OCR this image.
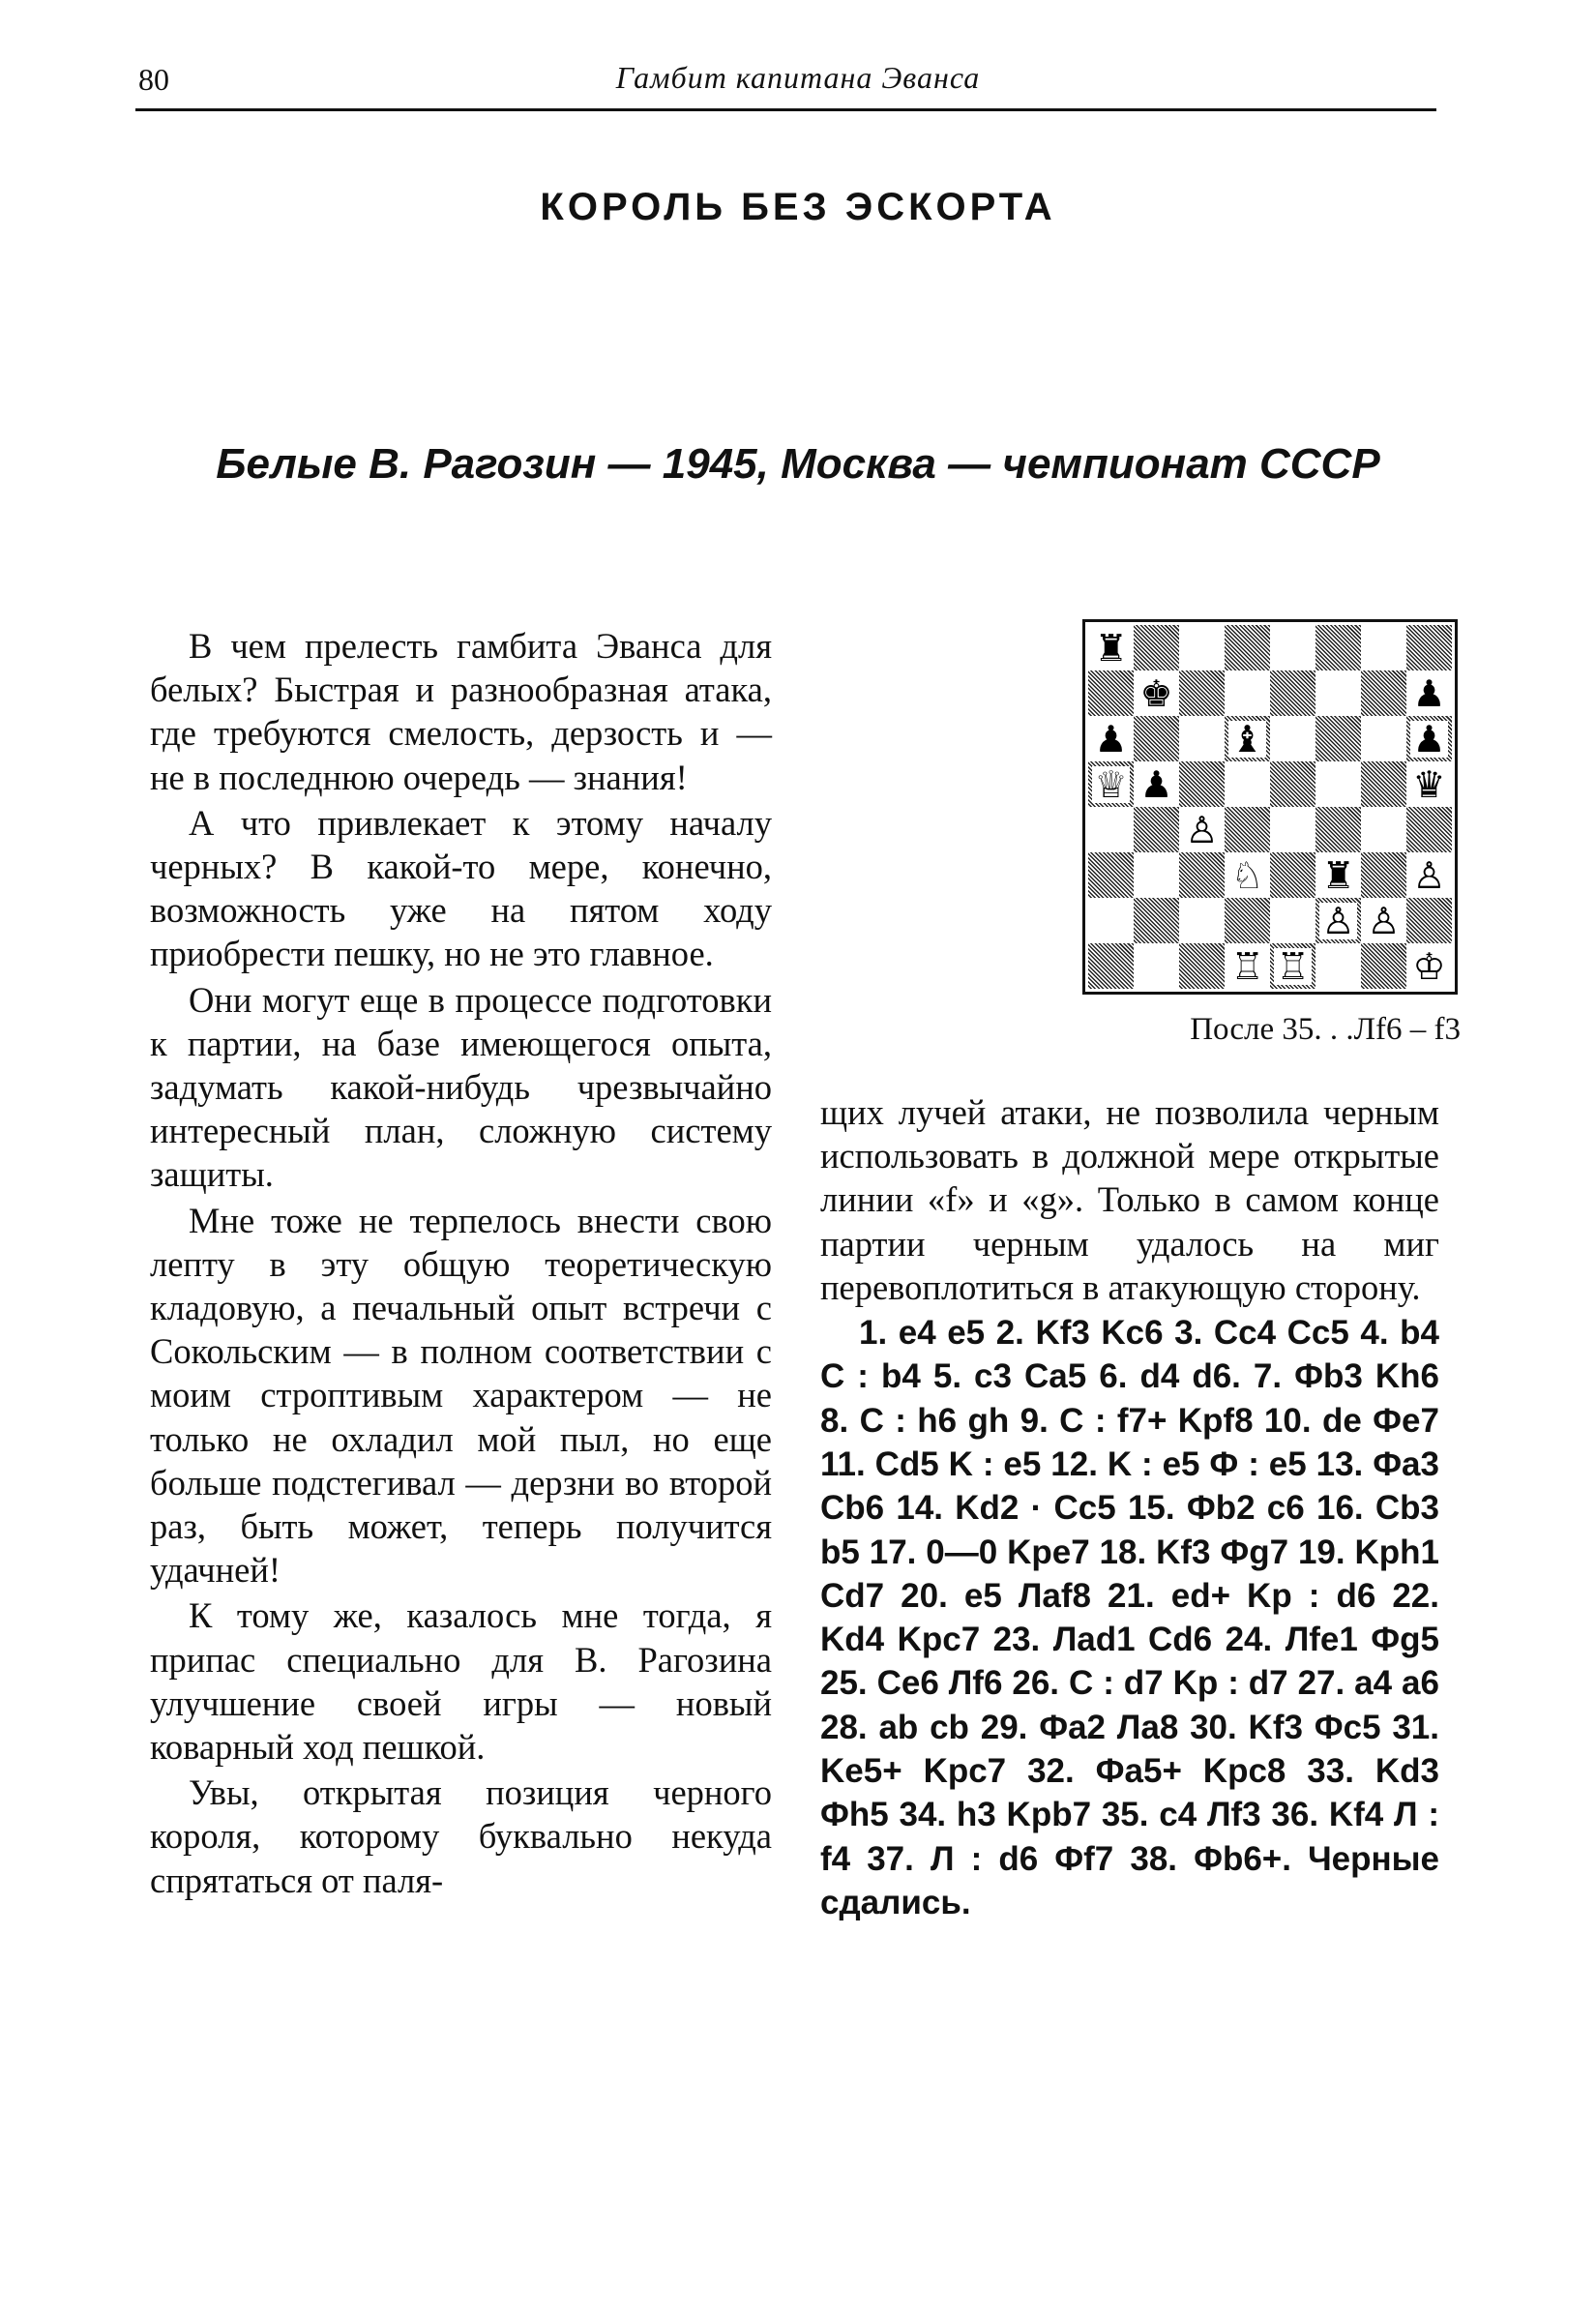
80	Гамбит капитана Эванса
КОРОЛЬ БЕЗ ЭСКОРТА
Белые В. Рагозин — 1945, Москва — чемпионат СССР

В чем прелесть гамбита Эванса для белых? Быстрая и разнообразная атака, где требуются смелость, дерзость и — не в последнюю очередь — знания!

А что привлекает к этому началу черных? В какой-то мере, конечно, возможность уже на пятом ходу приобрести пешку, но не это главное.

Они могут еще в процессе подготовки к партии, на базе имеющегося опыта, задумать какой-нибудь чрезвычайно интересный план, сложную систему защиты.

Мне тоже не терпелось внести свою лепту в эту общую теоретическую кладовую, а печальный опыт встречи с Сокольским — в полном соответствии с моим строптивым характером — не только не охладил мой пыл, но еще больше подстегивал — дерзни во второй раз, быть может, теперь получится удачней!

К тому же, казалось мне тогда, я припас специально для В. Рагозина улучшение своей игры — новый коварный ход пешкой.

Увы, открытая позиция черного короля, которому буквально некуда спрятаться от паля-

♜
♚	♟
♟	♝	♟
♕ ♟	♛
♙
♘ ♜ ♙
♙ ♙
♖ ♖	♔
После 35. . .Лf6 – f3

щих лучей атаки, не позволила черным использовать в должной мере открытые линии «f» и «g». Только в самом конце партии черным удалось на миг перевоплотиться в атакующую сторону.

1. e4 e5 2. Kf3 Kc6 3. Cc4 Cc5 4. b4 C : b4 5. c3 Ca5 6. d4 d6. 7. Фb3 Kh6 8. C : h6 gh 9. C : f7+ Kpf8 10. de Фe7 11. Cd5 K : e5 12. K : e5 Ф : e5 13. Фa3 Cb6 14. Kd2 · Cc5 15. Фb2 c6 16. Cb3 b5 17. 0—0 Kpe7 18. Kf3 Фg7 19. Kph1 Cd7 20. e5 Лaf8 21. ed+ Kp : d6 22. Kd4 Kpc7 23. Лad1 Cd6 24. Лfe1 Фg5 25. Ce6 Лf6 26. C : d7 Kp : d7 27. a4 a6 28. ab cb 29. Фa2 Лa8 30. Kf3 Фc5 31. Ke5+ Kpc7 32. Фa5+ Kpc8 33. Kd3 Фh5 34. h3 Kpb7 35. c4 Лf3 36. Kf4 Л : f4 37. Л : d6 Фf7 38. Фb6+. Черные сдались.
